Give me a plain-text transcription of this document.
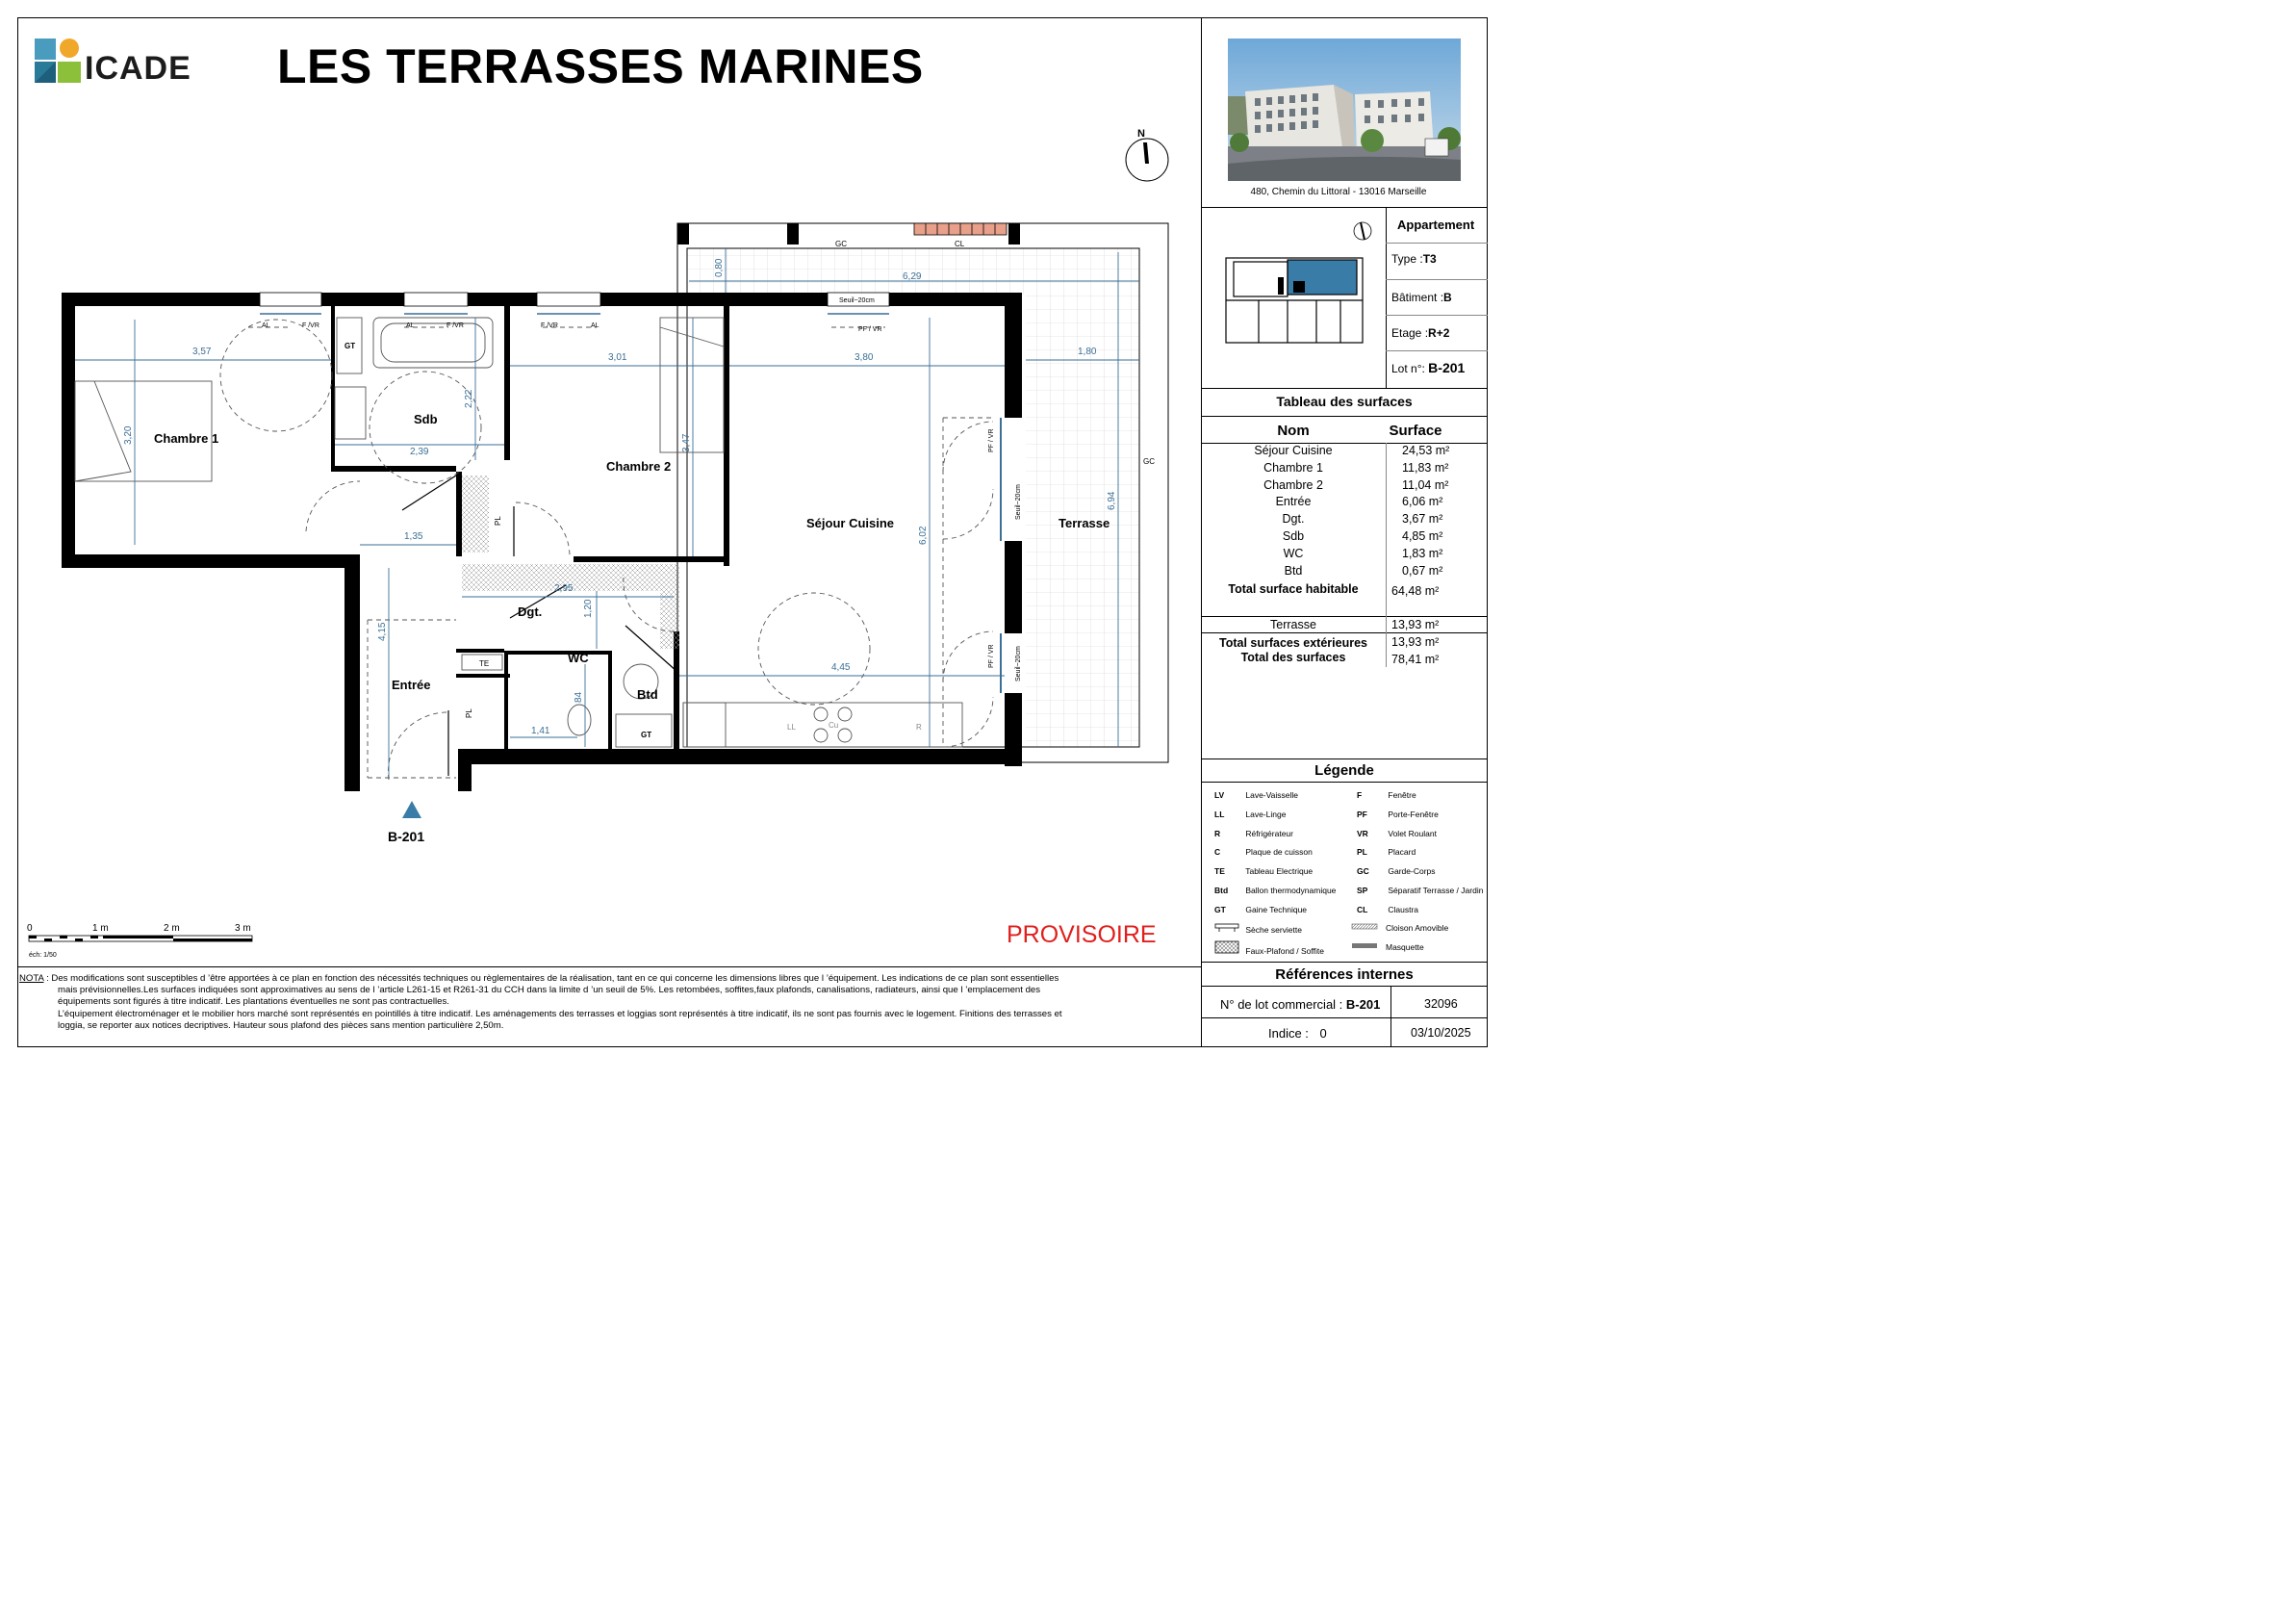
ICADE LES TERRASSES MARINES
480, Chemin du Littoral - 13016 Marseille
N
Appartement
Type :T3
Bâtiment :B
Etage :R+2
Lot n°: B-201
Tableau des surfaces
Nom	Surface
Séjour Cuisine	24,53 m²
Chambre 1	11,83 m²
Chambre 2	11,04 m²
Entrée	6,06 m²
Dgt.	3,67 m²
Sdb	4,85 m²
WC	1,83 m²
Btd	0,67 m²
Total surface habitable	64,48 m²
Terrasse	13,93 m²
Total surfaces extérieures	13,93 m²
Total des surfaces	78,41 m²
Légende
LV	Lave-Vaisselle
LL	Lave-Linge
R	Réfrigérateur
C	Plaque de cuisson
TE	Tableau Electrique
Btd Ballon thermodynamique
GT Gaine Technique
Sèche serviette
Faux-Plafond / Soffite
F	Fenêtre
PF	Porte-Fenêtre
VR Volet Roulant
PL	Placard
GC Garde-Corps
SP Séparatif Terrasse / Jardin
CL Claustra
Cloison Amovible
Masquette
Références internes
N° de lot commercial : B-201	32096
Indice : 0	03/10/2025
Chambre 1
Sdb
Chambre 2
Séjour Cuisine	Terrasse
Dgt.
Entrée
WC
Btd
3,57
3,20
2,39
2,22
3,01
3,47
3,80
6,02
6,29
0,80
1,80
6,94
1,35
2,95
1,20
4,15
4,45
1,41
84
GC	CL
GC
GT
GT
TE
PL
PL
LL	Cu	R
AL	F /VR	AL	F /VR	F /VR	AL
PF / VR
Seuil~20cm
PF / VR
Seuil~20cm
PF / VR	Seuil~20cm
B-201
0	1 m	2 m	3 m
éch: 1/50
PROVISOIRE
NOTA : Des modifications sont susceptibles d ’être apportées à ce plan en fonction des nécessités techniques ou règlementaires de la réalisation, tant en ce qui concerne les dimensions libres que l ’équipement. Les indications de ce plan sont essentielles
mais prévisionnelles.Les surfaces indiquées sont approximatives au sens de l ’article L261-15 et R261-31 du CCH dans la limite d ’un seuil de 5%. Les retombées, soffites,faux plafonds, canalisations, radiateurs, ainsi que l ’emplacement des
équipements sont figurés à titre indicatif. Les plantations éventuelles ne sont pas contractuelles.
L’équipement électroménager et le mobilier hors marché sont représentés en pointillés à titre indicatif. Les aménagements des terrasses et loggias sont représentés à titre indicatif, ils ne sont pas fournis avec le logement. Finitions des terrasses et
loggia, se reporter aux notices decriptives. Hauteur sous plafond des pièces sans mention particulière 2,50m.
